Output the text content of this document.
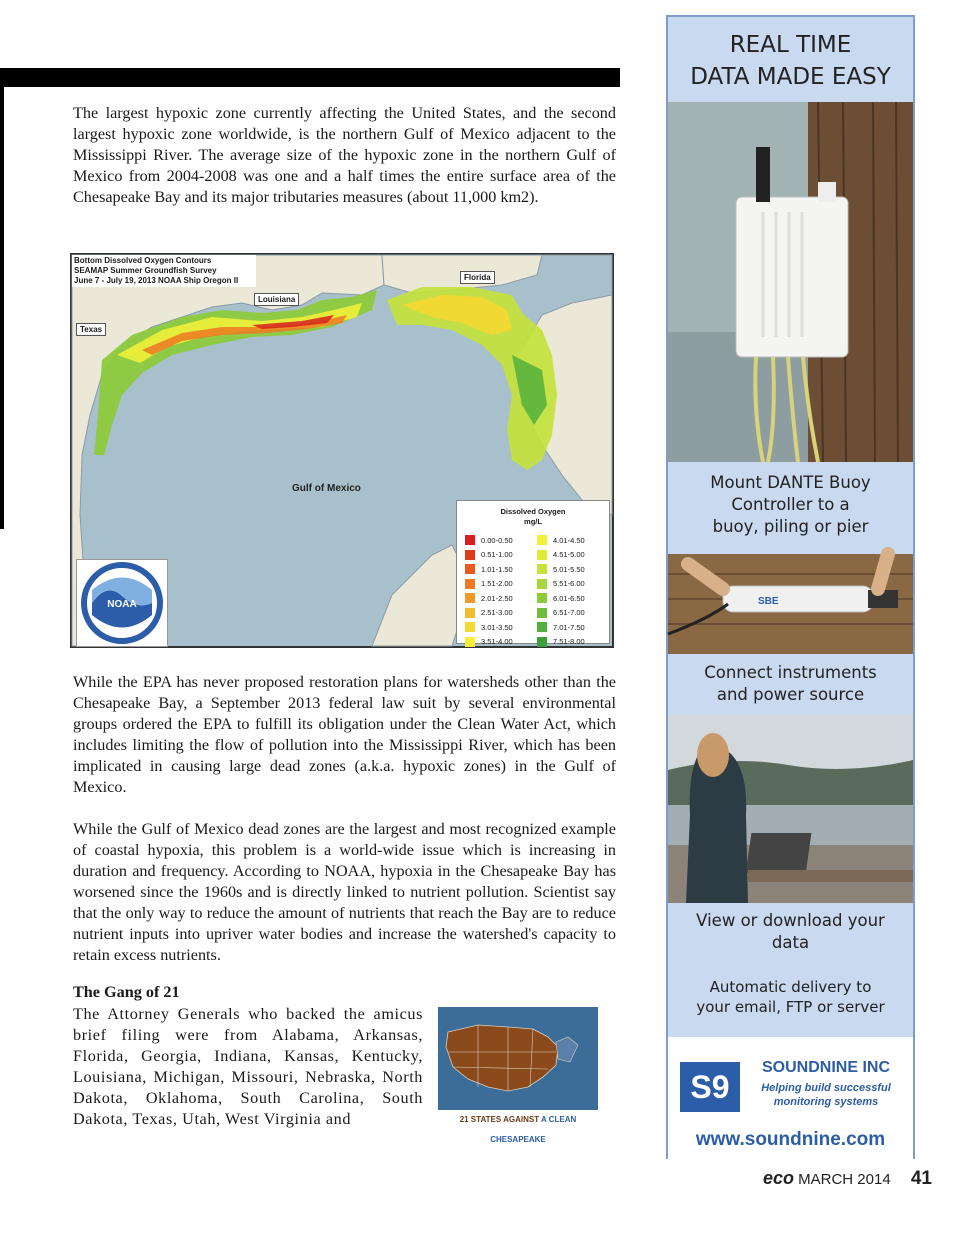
The largest hypoxic zone currently affecting the United States, and the second largest hypoxic zone worldwide, is the northern Gulf of Mexico adjacent to the Mississippi River. The average size of the hypoxic zone in the northern Gulf of Mexico from 2004-2008 was one and a half times the entire surface area of the Chesapeake Bay and its major tributaries measures (about 11,000 km2).

Bottom Dissolved Oxygen Contours
SEAMAP Summer Groundfish Survey
June 7 - July 19, 2013 NOAA Ship Oregon II	Florida
Louisiana
Texas
Gulf of Mexico
Dissolved Oxygen
mg/L
0.00-0.50
0.51-1.00
1.01-1.50
1.51-2.00
2.01-2.50
2.51-3.00
3.01-3.50
3.51-4.00
4.01-4.50
4.51-5.00
5.01-5.50
5.51-6.00
6.01-6.50
6.51-7.00
7.01-7.50
7.51-8.00
NOAA

While the EPA has never proposed restoration plans for watersheds other than the Chesapeake Bay, a September 2013 federal law suit by several environmental groups ordered the EPA to fulfill its obligation under the Clean Water Act, which includes limiting the flow of pollution into the Mississippi River, which has been implicated in causing large dead zones (a.k.a. hypoxic zones) in the Gulf of Mexico.

While the Gulf of Mexico dead zones are the largest and most recognized example of coastal hypoxia, this problem is a world-wide issue which is increasing in duration and frequency. According to NOAA, hypoxia in the Chesapeake Bay has worsened since the 1960s and is directly linked to nutrient pollution. Scientist say that the only way to reduce the amount of nutrients that reach the Bay are to reduce nutrient inputs into upriver water bodies and increase the watershed's capacity to retain excess nutrients.

The Gang of 21

The Attorney Generals who backed the amicus brief filing were from Alabama, Arkansas, Florida, Georgia, Indiana, Kansas, Kentucky, Louisiana, Michigan, Missouri, Nebraska, North Dakota, Oklahoma, South Carolina, South Dakota, Texas, Utah, West Virginia and	21 STATES AGAINST A CLEAN CHESAPEAKE
REAL TIME
DATA MADE EASY
Mount DANTE Buoy
Controller to a
buoy, piling or pier
SBE
Connect instruments
and power source
View or download your
data
Automatic delivery to
your email, FTP or server
S9
SOUNDNINE INC
Helping build successful
monitoring systems
www.soundnine.com
eco MARCH 2014 41
